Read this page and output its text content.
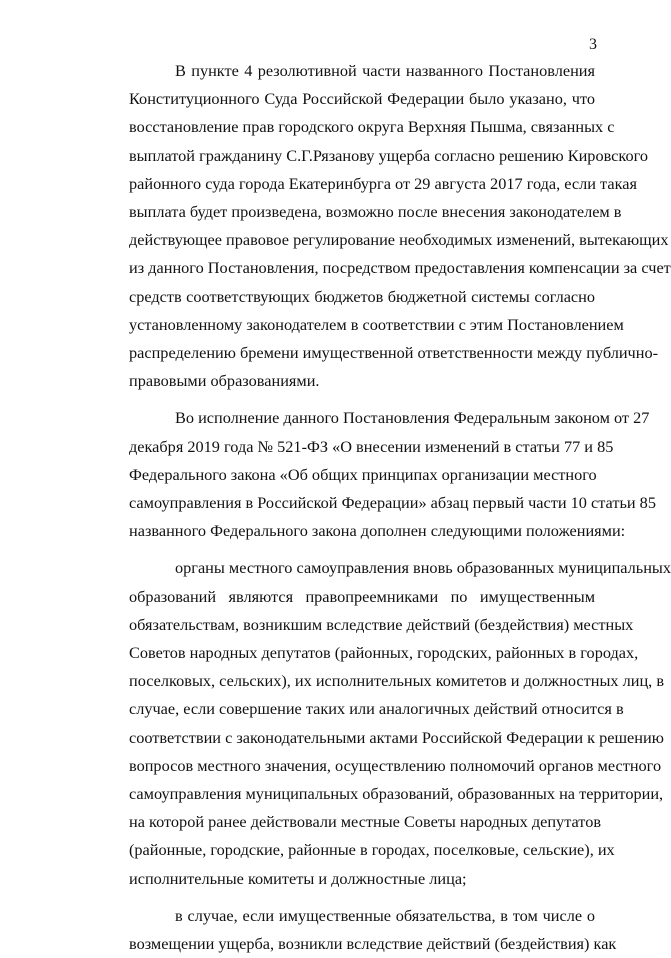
3
В пункте 4 резолютивной части названного Постановления
Конституционного Суда Российской Федерации было указано, что
восстановление прав городского округа Верхняя Пышма, связанных с
выплатой гражданину С.Г.Рязанову ущерба согласно решению Кировского
районного суда города Екатеринбурга от 29 августа 2017 года, если такая
выплата будет произведена, возможно после внесения законодателем в
действующее правовое регулирование необходимых изменений, вытекающих
из данного Постановления, посредством предоставления компенсации за счет
средств соответствующих бюджетов бюджетной системы согласно
установленному законодателем в соответствии с этим Постановлением
распределению бремени имущественной ответственности между публично-
правовыми образованиями.
Во исполнение данного Постановления Федеральным законом от 27
декабря 2019 года № 521-ФЗ «О внесении изменений в статьи 77 и 85
Федерального закона «Об общих принципах организации местного
самоуправления в Российской Федерации» абзац первый части 10 статьи 85
названного Федерального закона дополнен следующими положениями:
органы местного самоуправления вновь образованных муниципальных
образований являются правопреемниками по имущественным
обязательствам, возникшим вследствие действий (бездействия) местных
Советов народных депутатов (районных, городских, районных в городах,
поселковых, сельских), их исполнительных комитетов и должностных лиц, в
случае, если совершение таких или аналогичных действий относится в
соответствии с законодательными актами Российской Федерации к решению
вопросов местного значения, осуществлению полномочий органов местного
самоуправления муниципальных образований, образованных на территории,
на которой ранее действовали местные Советы народных депутатов
(районные, городские, районные в городах, поселковые, сельские), их
исполнительные комитеты и должностные лица;
в случае, если имущественные обязательства, в том числе о
возмещении ущерба, возникли вследствие действий (бездействия) как
